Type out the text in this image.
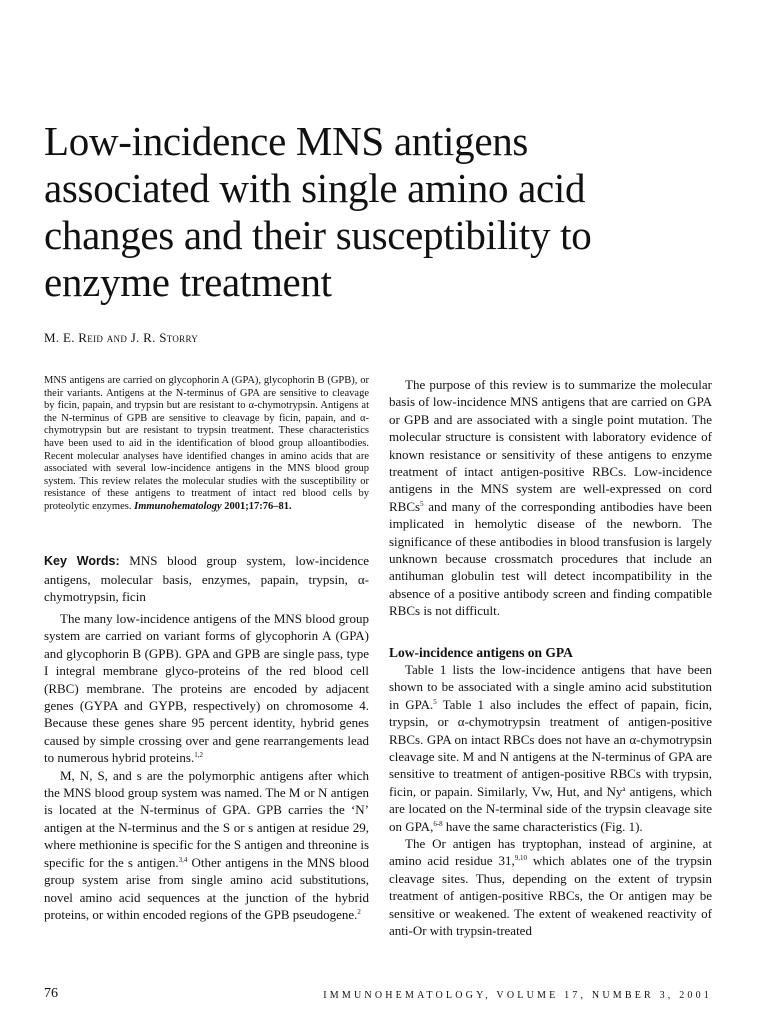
Low-incidence MNS antigens
associated with single amino acid
changes and their susceptibility to
enzyme treatment
M. E. Reid and J. R. Storry
MNS antigens are carried on glycophorin A (GPA), glycophorin B (GPB), or their variants. Antigens at the N-terminus of GPA are sensitive to cleavage by ficin, papain, and trypsin but are resistant to α-chymotrypsin. Antigens at the N-terminus of GPB are sensitive to cleavage by ficin, papain, and α-chymotrypsin but are resistant to trypsin treatment. These characteristics have been used to aid in the identification of blood group alloantibodies. Recent molecular analyses have identified changes in amino acids that are associated with several low-incidence antigens in the MNS blood group system. This review relates the molecular studies with the susceptibility or resistance of these antigens to treatment of intact red blood cells by proteolytic enzymes. Immunohematology 2001;17:76–81.
Key Words: MNS blood group system, low-incidence antigens, molecular basis, enzymes, papain, trypsin, α-chymotrypsin, ficin

The many low-incidence antigens of the MNS blood group system are carried on variant forms of glycophorin A (GPA) and glycophorin B (GPB). GPA and GPB are single pass, type I integral membrane glyco-proteins of the red blood cell (RBC) membrane. The proteins are encoded by adjacent genes (GYPA and GYPB, respectively) on chromosome 4. Because these genes share 95 percent identity, hybrid genes caused by simple crossing over and gene rearrangements lead to numerous hybrid proteins.$^{1,2}$

M, N, S, and s are the polymorphic antigens after which the MNS blood group system was named. The M or N antigen is located at the N-terminus of GPA. GPB carries the ‘N’ antigen at the N-terminus and the S or s antigen at residue 29, where methionine is specific for the S antigen and threonine is specific for the s antigen.$^{3,4}$ Other antigens in the MNS blood group system arise from single amino acid substitutions, novel amino acid sequences at the junction of the hybrid proteins, or within encoded regions of the GPB pseudogene.$^2$

The purpose of this review is to summarize the molecular basis of low-incidence MNS antigens that are carried on GPA or GPB and are associated with a single point mutation. The molecular structure is consistent with laboratory evidence of known resistance or sensitivity of these antigens to enzyme treatment of intact antigen-positive RBCs. Low-incidence antigens in the MNS system are well-expressed on cord RBCs$^5$ and many of the corresponding antibodies have been implicated in hemolytic disease of the newborn. The significance of these antibodies in blood transfusion is largely unknown because crossmatch procedures that include an antihuman globulin test will detect incompatibility in the absence of a positive antibody screen and finding compatible RBCs is not difficult.

Low-incidence antigens on GPA

Table 1 lists the low-incidence antigens that have been shown to be associated with a single amino acid substitution in GPA.$^5$ Table 1 also includes the effect of papain, ficin, trypsin, or α-chymotrypsin treatment of antigen-positive RBCs. GPA on intact RBCs does not have an α-chymotrypsin cleavage site. M and N antigens at the N-terminus of GPA are sensitive to treatment of antigen-positive RBCs with trypsin, ficin, or papain. Similarly, Vw, Hut, and Ny$^a$ antigens, which are located on the N-terminal side of the trypsin cleavage site on GPA,$^{6-8}$ have the same characteristics (Fig. 1).

The Or antigen has tryptophan, instead of arginine, at amino acid residue 31,$^{9,10}$ which ablates one of the trypsin cleavage sites. Thus, depending on the extent of trypsin treatment of antigen-positive RBCs, the Or antigen may be sensitive or weakened. The extent of weakened reactivity of anti-Or with trypsin-treated

76	IMMUNOHEMATOLOGY, VOLUME 17, NUMBER 3, 2001
